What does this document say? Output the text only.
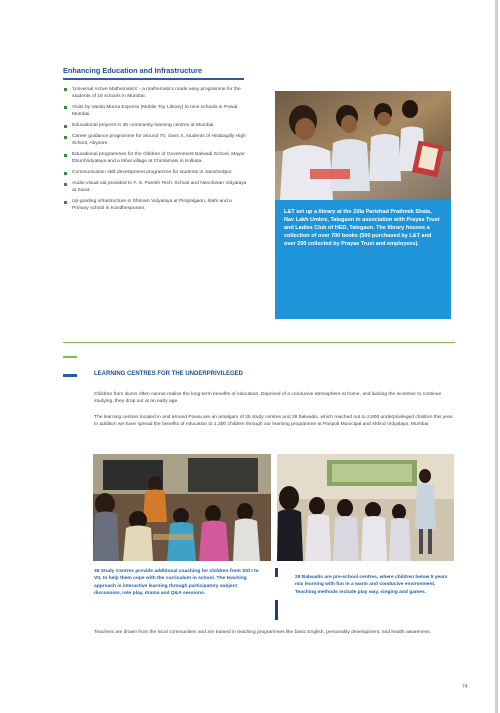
Enhancing Education and Infrastructure
'Universal Active Mathematics' - a mathematics made easy programme for the students of 18 schools in Mumbai.
Visits by Vanita Murna Express (Mobile Toy Library) to nine schools in Powai, Mumbai.
Educational projects in 35 community learning centres at Mumbai.
Career guidance programme for around 70, class X, students of Hirabagilly High School, Abysore.
Educational programmes for the children of Government Balwadi School, Mayur Dhun/Vidyalaya and a tribal village at Chintamani in Kolkata.
Communication skill development programme for students in Jamshedpur.
Audio-visual aid provided to F. S. Parekh Tech. School and Nanchetan Vidyalaya at Surat.
Up-grading infrastructure in Shriram Vidyalaya at Pimpalgaon, Mahi and a Primary school in Kandhevpuram.

L&T set up a library at the Zilla Parishad Prathmik Shala, Nav Lakh Umbre, Talegaon in association with Prayas Trust and Ladies Club of HED, Talegaon. The library houses a collection of over 700 books (500 purchased by L&T and over 200 collected by Prayas Trust and employees).

LEARNING CENTRES FOR THE UNDERPRIVILEGED

Children from slums often cannot realise the long-term benefits of education. Deprived of a conducive atmosphere at home, and lacking the incentive to continue studying, they drop out at an early age.

The learning centres located in and around Powai are an amalgam of 35 study centres and 28 balwadis, which reached out to 2,800 underprivileged children this year. In addition we have spread the benefits of education to 1,300 children through our learning programme at Panpoli Municipal and Akhnd Vidyalaya, Mumbai.

35 Study Centres provide additional coaching for children from Std I to VII, to help them cope with the curriculum in school. The teaching approach is interactive learning through participatory subject discussion, role play, drama and Q&A sessions.
28 Balwadis are pre-school centres, where children below 5 years mix learning with fun in a warm and conducive environment. Teaching methods include play way, singing and games.

Teachers are drawn from the local communities and are trained in teaching programmes like basic English, personality development, and health awareness.

74
